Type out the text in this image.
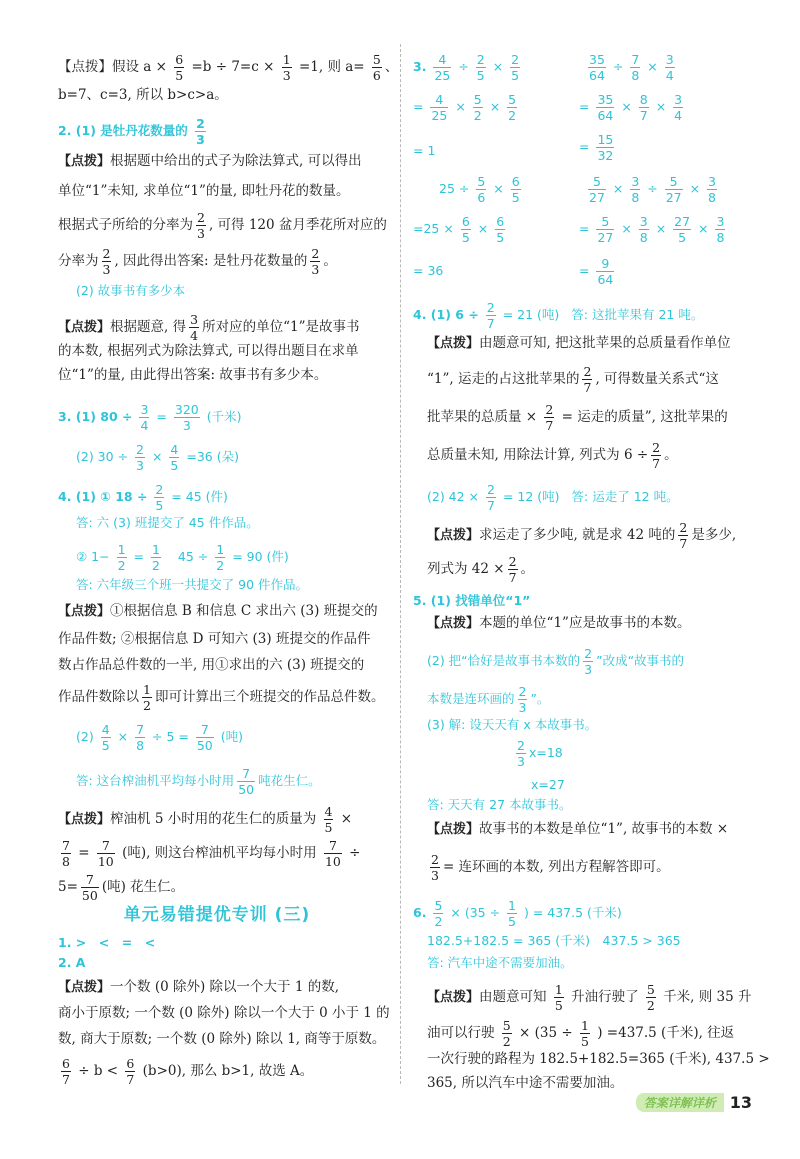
【点拨】假设 $a \times \frac{6}{5} =b \div 7=c \times \frac{1}{3} =1$, 则 $a= \frac{5}{6}$ 、
b=7、c=3, 所以 b>c>a。
2. (1) 是牡丹花数量的 $\frac{2}{3}$
【点拨】根据题中给出的式子为除法算式, 可以得出
单位“1”未知, 求单位“1”的量, 即牡丹花的数量。
根据式子所给的分率为 $\frac{2}{3}$ , 可得 120 盆月季花所对应的
分率为 $\frac{2}{3}$ , 因此得出答案: 是牡丹花数量的 $\frac{2}{3}$ 。
(2) 故事书有多少本
【点拨】根据题意, 得 $\frac{3}{4}$ 所对应的单位“1”是故事书
的本数, 根据列式为除法算式, 可以得出题目在求单
位“1”的量, 由此得出答案: 故事书有多少本。
3. (1) $80 \div \frac{3}{4} = \frac{320}{3}$ (千米)
(2) $30 \div \frac{2}{3} \times \frac{4}{5} =36$ (朵)
4. (1) ① $18 \div \frac{2}{5} = 45$ (件)
答: 六 (3) 班提交了 45 件作品。
② $1- \frac{1}{2} = \frac{1}{2} 45 \div \frac{1}{2} = 90$ (件)
答: 六年级三个班一共提交了 90 件作品。
【点拨】①根据信息 B 和信息 C 求出六 (3) 班提交的
作品件数; ②根据信息 D 可知六 (3) 班提交的作品件
数占作品总件数的一半, 用①求出的六 (3) 班提交的
作品件数除以 $\frac{1}{2}$ 即可计算出三个班提交的作品总件数。
$(2) \frac{4}{5} \times \frac{7}{8} \div 5 = \frac{7}{50}$ (吨)
答: 这台榨油机平均每小时用 $\frac{7}{50}$ 吨花生仁。
【点拨】榨油机 5 小时用的花生仁的质量为 $\frac{4}{5}$ ×
$\frac{7}{8} = \frac{7}{10}$ (吨), 则这台榨油机平均每小时用 $\frac{7}{10}$ ÷
$5= \frac{7}{50}$ (吨) 花生仁。
单元易错提优专训 (三)
1. >　<　=　<
2. A
【点拨】一个数 (0 除外) 除以一个大于 1 的数,
商小于原数; 一个数 (0 除外) 除以一个大于 0 小于 1 的
数, 商大于原数; 一个数 (0 除外) 除以 1, 商等于原数。
$\frac{6}{7} \div b < \frac{6}{7} (b>0)$, 那么 b>1, 故选 A。
3. $\frac{4}{25} \div \frac{2}{5} \times \frac{2}{5}$
= $\frac{4}{25} \times \frac{5}{2} \times \frac{5}{2}$
= 1
$25 \div \frac{5}{6} \times \frac{6}{5}$
$=25 \times \frac{6}{5} \times \frac{6}{5}$
= 36
$\frac{35}{64} \div \frac{7}{8} \times \frac{3}{4}$
= $\frac{35}{64} \times \frac{8}{7} \times \frac{3}{4}$
= $\frac{15}{32}$
$\frac{5}{27} \times \frac{3}{8} \div \frac{5}{27} \times \frac{3}{8}$
= $\frac{5}{27} \times \frac{3}{8} \times \frac{27}{5} \times \frac{3}{8}$
= $\frac{9}{64}$
4. (1) $6 \div \frac{2}{7} = 21$ (吨) 答: 这批苹果有 21 吨。
【点拨】由题意可知, 把这批苹果的总质量看作单位
“1”, 运走的占这批苹果的 $\frac{2}{7}$ , 可得数量关系式“这
批苹果的总质量 × $\frac{2}{7}$ = 运走的质量”, 这批苹果的
总质量未知, 用除法计算, 列式为 $6 \div \frac{2}{7}$ 。
(2) $42 \times \frac{2}{7} = 12$ (吨) 答: 运走了 12 吨。
【点拨】求运走了多少吨, 就是求 42 吨的 $\frac{2}{7}$ 是多少,
列式为 $42 \times \frac{2}{7}$ 。
5. (1) 找错单位“1”
【点拨】本题的单位“1”应是故事书的本数。
(2) 把“恰好是故事书本数的 $\frac{2}{3}$ ”改成“故事书的
本数是连环画的 $\frac{2}{3}$ ”。
(3) 解: 设天天有 x 本故事书。
$\frac{2}{3} x=18$
x=27
答: 天天有 27 本故事书。
【点拨】故事书的本数是单位“1”, 故事书的本数 ×
$\frac{2}{3}$ = 连环画的本数, 列出方程解答即可。
6. $\frac{5}{2} \times (35 \div \frac{1}{5}$ ) = 437.5 (千米)
182.5+182.5 = 365 (千米)　437.5 > 365
答: 汽车中途不需要加油。
【点拨】由题意可知 $\frac{1}{5}$ 升油行驶了 $\frac{5}{2}$ 千米, 则 35 升
油可以行驶 $\frac{5}{2} \times (35 \div \frac{1}{5}$ ) =437.5 (千米), 往返
一次行驶的路程为 182.5+182.5=365 (千米), 437.5 >
365, 所以汽车中途不需要加油。
答案详解详析 13
